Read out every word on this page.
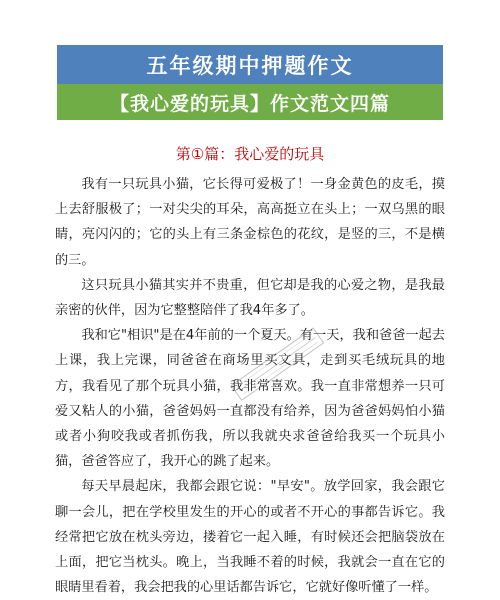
五年级期中押题作文
【我心爱的玩具】作文范文四篇
第①篇：我心爱的玩具

我有一只玩具小猫，它长得可爱极了！一身金黄色的皮毛，摸上去舒服极了；一对尖尖的耳朵，高高挺立在头上；一双乌黑的眼睛，亮闪闪的；它的头上有三条金棕色的花纹，是竖的三，不是横的三。

这只玩具小猫其实并不贵重，但它却是我的心爱之物，是我最亲密的伙伴，因为它整整陪伴了我4年多了。

我和它"相识"是在4年前的一个夏天。有一天，我和爸爸一起去上课，我上完课，同爸爸在商场里买文具，走到买毛绒玩具的地方，我看见了那个玩具小猫，我非常喜欢。我一直非常想养一只可爱又粘人的小猫，爸爸妈妈一直都没有给养，因为爸爸妈妈怕小猫或者小狗咬我或者抓伤我，所以我就央求爸爸给我买一个玩具小猫，爸爸答应了，我开心的跳了起来。

每天早晨起床，我都会跟它说："早安"。放学回家，我会跟它聊一会儿，把在学校里发生的开心的或者不开心的事都告诉它。我经常把它放在枕头旁边，搂着它一起入睡，有时候还会把脑袋放在上面，把它当枕头。晚上，当我睡不着的时候，我就会一直在它的眼睛里看着，我会把我的心里话都告诉它，它就好像听懂了一样。
